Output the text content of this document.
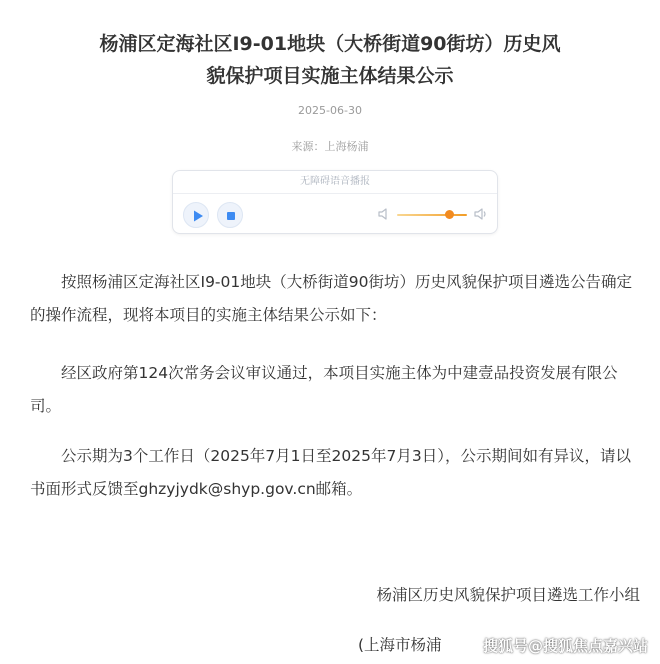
杨浦区定海社区I9-01地块（大桥街道90街坊）历史风
貌保护项目实施主体结果公示
2025-06-30
来源：上海杨浦
无障碍语音播报

按照杨浦区定海社区I9-01地块（大桥街道90街坊）历史风貌保护项目遴选公告确定的操作流程，现将本项目的实施主体结果公示如下：

经区政府第124次常务会议审议通过，本项目实施主体为中建壹品投资发展有限公司。

公示期为3个工作日（2025年7月1日至2025年7月3日），公示期间如有异议，请以书面形式反馈至ghzyjydk@shyp.gov.cn邮箱。

杨浦区历史风貌保护项目遴选工作小组
(上海市杨浦	搜狐号@搜狐焦点嘉兴站
